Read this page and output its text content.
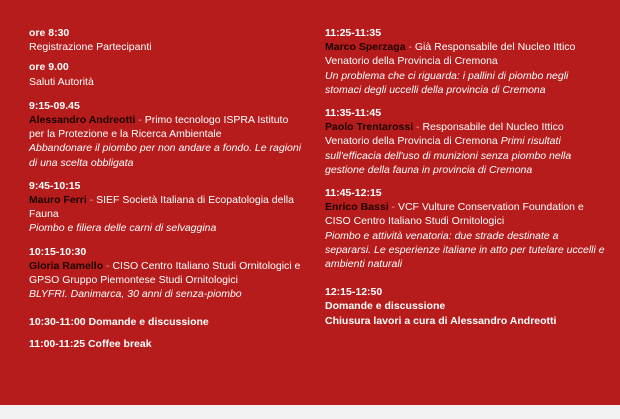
ore 8:30
Registrazione Partecipanti
ore 9.00
Saluti Autorità
9:15-09.45
Alessandro Andreotti - Primo tecnologo ISPRA Istituto per la Protezione e la Ricerca Ambientale
Abbandonare il piombo per non andare a fondo. Le ragioni di una scelta obbligata
9:45-10:15
Mauro Ferri - SIEF Società Italiana di Ecopatologia della Fauna
Piombo e filiera delle carni di selvaggina
10:15-10:30
Gloria Ramello - CISO Centro Italiano Studi Ornitologici e GPSO Gruppo Piemontese Studi Ornitologici
BLYFRI. Danimarca, 30 anni di senza-piombo
10:30-11:00 Domande e discussione
11:00-11:25 Coffee break
11:25-11:35
Marco Sperzaga - Già Responsabile del Nucleo Ittico Venatorio della Provincia di Cremona
Un problema che ci riguarda: i pallini di piombo negli stomaci degli uccelli della provincia di Cremona
11:35-11:45
Paolo Trentarossi - Responsabile del Nucleo Ittico Venatorio della Provincia di Cremona Primi risultati sull'efficacia dell'uso di munizioni senza piombo nella gestione della fauna in provincia di Cremona
11:45-12:15
Enrico Bassi - VCF Vulture Conservation Foundation e CISO Centro Italiano Studi Ornitologici
Piombo e attività venatoria: due strade destinate a separarsi. Le esperienze italiane in atto per tutelare uccelli e ambienti naturali
12:15-12:50
Domande e discussione
Chiusura lavori a cura di Alessandro Andreotti
